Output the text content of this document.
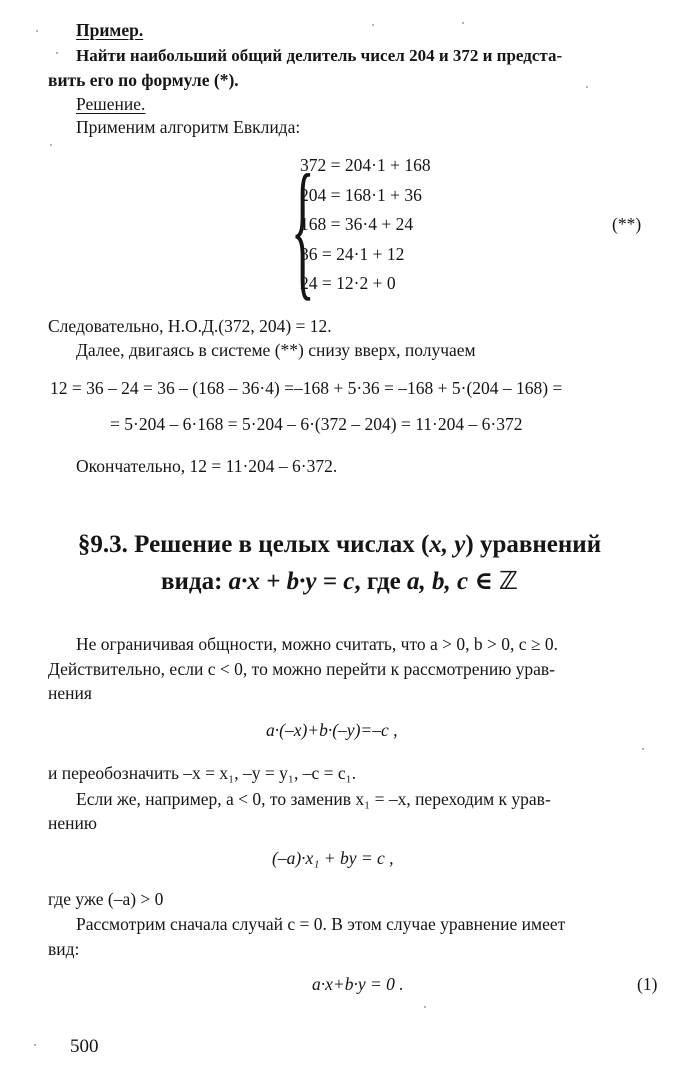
Пример.
Найти наибольший общий делитель чисел 204 и 372 и предста-
вить его по формуле (*).
Решение.
Применим алгоритм Евклида:
{
372 = 204·1 + 168
204 = 168·1 + 36
168 = 36·4 + 24
36 = 24·1 + 12
24 = 12·2 + 0
(**)
Следовательно, Н.О.Д.(372, 204) = 12.
Далее, двигаясь в системе (**) снизу вверх, получаем
12 = 36 – 24 = 36 – (168 – 36·4) =–168 + 5·36 = –168 + 5·(204 – 168) =
= 5·204 – 6·168 = 5·204 – 6·(372 – 204) = 11·204 – 6·372
Окончательно, 12 = 11·204 – 6·372.
§9.3. Решение в целых числах (x, y) уравнений
вида: a·x + b·y = c, где a, b, c ∈ ℤ
Не ограничивая общности, можно считать, что a > 0, b > 0, c ≥ 0.
Действительно, если c < 0, то можно перейти к рассмотрению урав-
нения
a·(–x)+b·(–y)=–c ,
и переобозначить –x = x₁, –y = y₁, –c = c₁.
Если же, например, a < 0, то заменив x₁ = –x, переходим к урав-
нению
(–a)·x₁ + by = c ,
где уже (–a) > 0
Рассмотрим сначала случай c = 0. В этом случае уравнение имеет
вид:
a·x+b·y = 0 .	(1)
500
